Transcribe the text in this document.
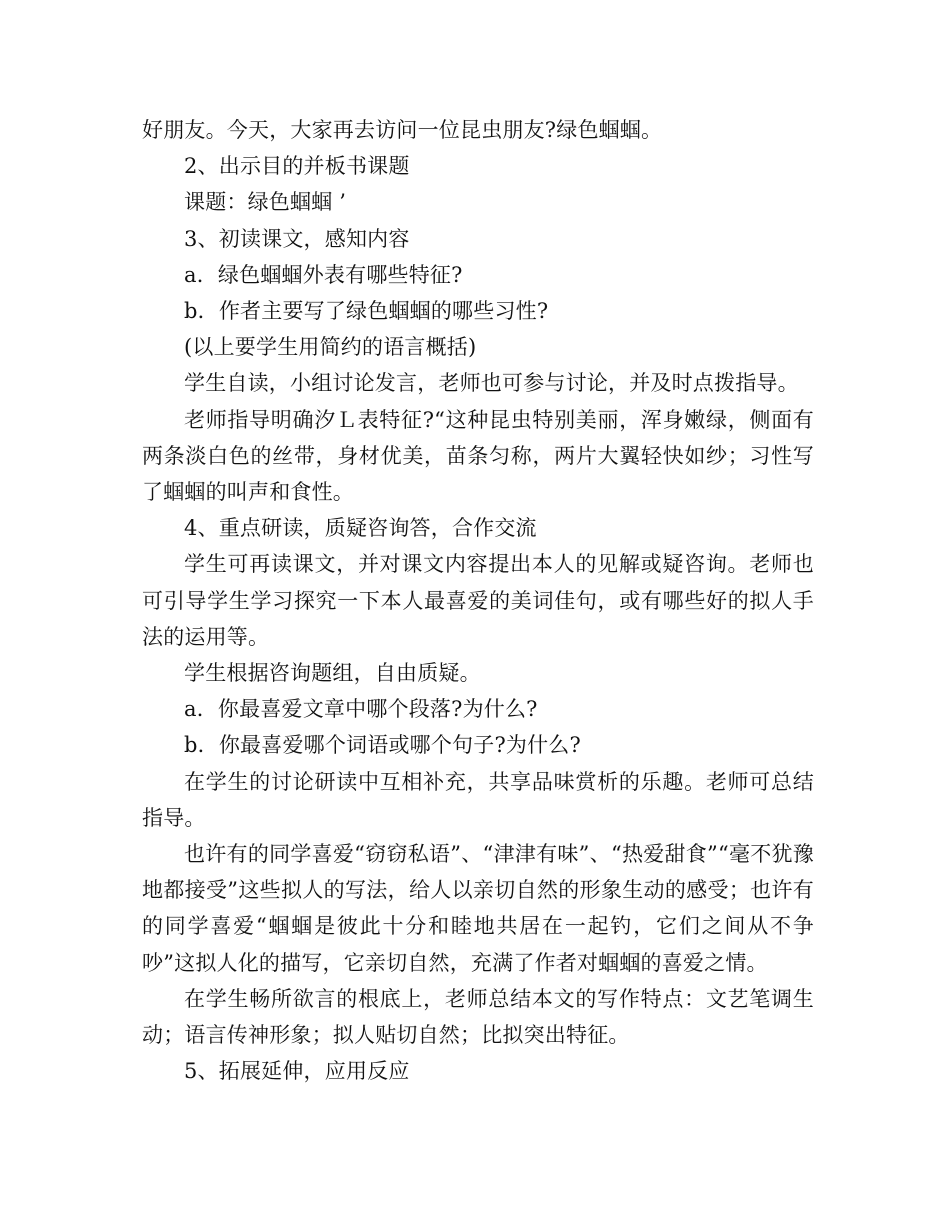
好朋友。今天，大家再去访问一位昆虫朋友?绿色蝈蝈。

2、出示目的并板书课题

课题：绿色蝈蝈 ’

3、初读课文，感知内容

a．绿色蝈蝈外表有哪些特征?

b．作者主要写了绿色蝈蝈的哪些习性?

(以上要学生用简约的语言概括)

学生自读，小组讨论发言，老师也可参与讨论，并及时点拨指导。

老师指导明确汐Ｌ表特征?“这种昆虫特别美丽，浑身嫩绿，侧面有两条淡白色的丝带，身材优美，苗条匀称，两片大翼轻快如纱；习性写了蝈蝈的叫声和食性。

4、重点研读，质疑咨询答，合作交流

学生可再读课文，并对课文内容提出本人的见解或疑咨询。老师也可引导学生学习探究一下本人最喜爱的美词佳句，或有哪些好的拟人手法的运用等。

学生根据咨询题组，自由质疑。

a．你最喜爱文章中哪个段落?为什么?

b．你最喜爱哪个词语或哪个句子?为什么?

在学生的讨论研读中互相补充，共享品味赏析的乐趣。老师可总结指导。

也许有的同学喜爱“窃窃私语”、“津津有味”、“热爱甜食”“毫不犹豫地都接受”这些拟人的写法，给人以亲切自然的形象生动的感受；也许有的同学喜爱“蝈蝈是彼此十分和睦地共居在一起钓，它们之间从不争吵”这拟人化的描写，它亲切自然，充满了作者对蝈蝈的喜爱之情。

在学生畅所欲言的根底上，老师总结本文的写作特点：文艺笔调生动；语言传神形象；拟人贴切自然；比拟突出特征。

5、拓展延伸，应用反应
